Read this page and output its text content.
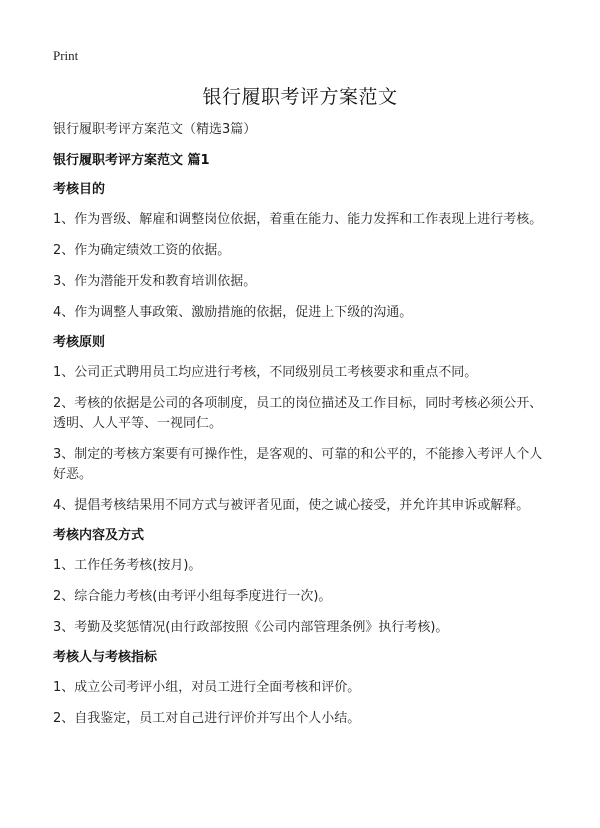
Print
银行履职考评方案范文

银行履职考评方案范文（精选3篇）

银行履职考评方案范文 篇1

考核目的

1、作为晋级、解雇和调整岗位依据，着重在能力、能力发挥和工作表现上进行考核。

2、作为确定绩效工资的依据。

3、作为潜能开发和教育培训依据。

4、作为调整人事政策、激励措施的依据，促进上下级的沟通。

考核原则

1、公司正式聘用员工均应进行考核，不同级别员工考核要求和重点不同。

2、考核的依据是公司的各项制度，员工的岗位描述及工作目标，同时考核必须公开、透明、人人平等、一视同仁。

3、制定的考核方案要有可操作性，是客观的、可靠的和公平的，不能掺入考评人个人好恶。

4、提倡考核结果用不同方式与被评者见面，使之诚心接受，并允许其申诉或解释。

考核内容及方式

1、工作任务考核(按月)。

2、综合能力考核(由考评小组每季度进行一次)。

3、考勤及奖惩情况(由行政部按照《公司内部管理条例》执行考核)。

考核人与考核指标

1、成立公司考评小组，对员工进行全面考核和评价。

2、自我鉴定，员工对自己进行评价并写出个人小结。
